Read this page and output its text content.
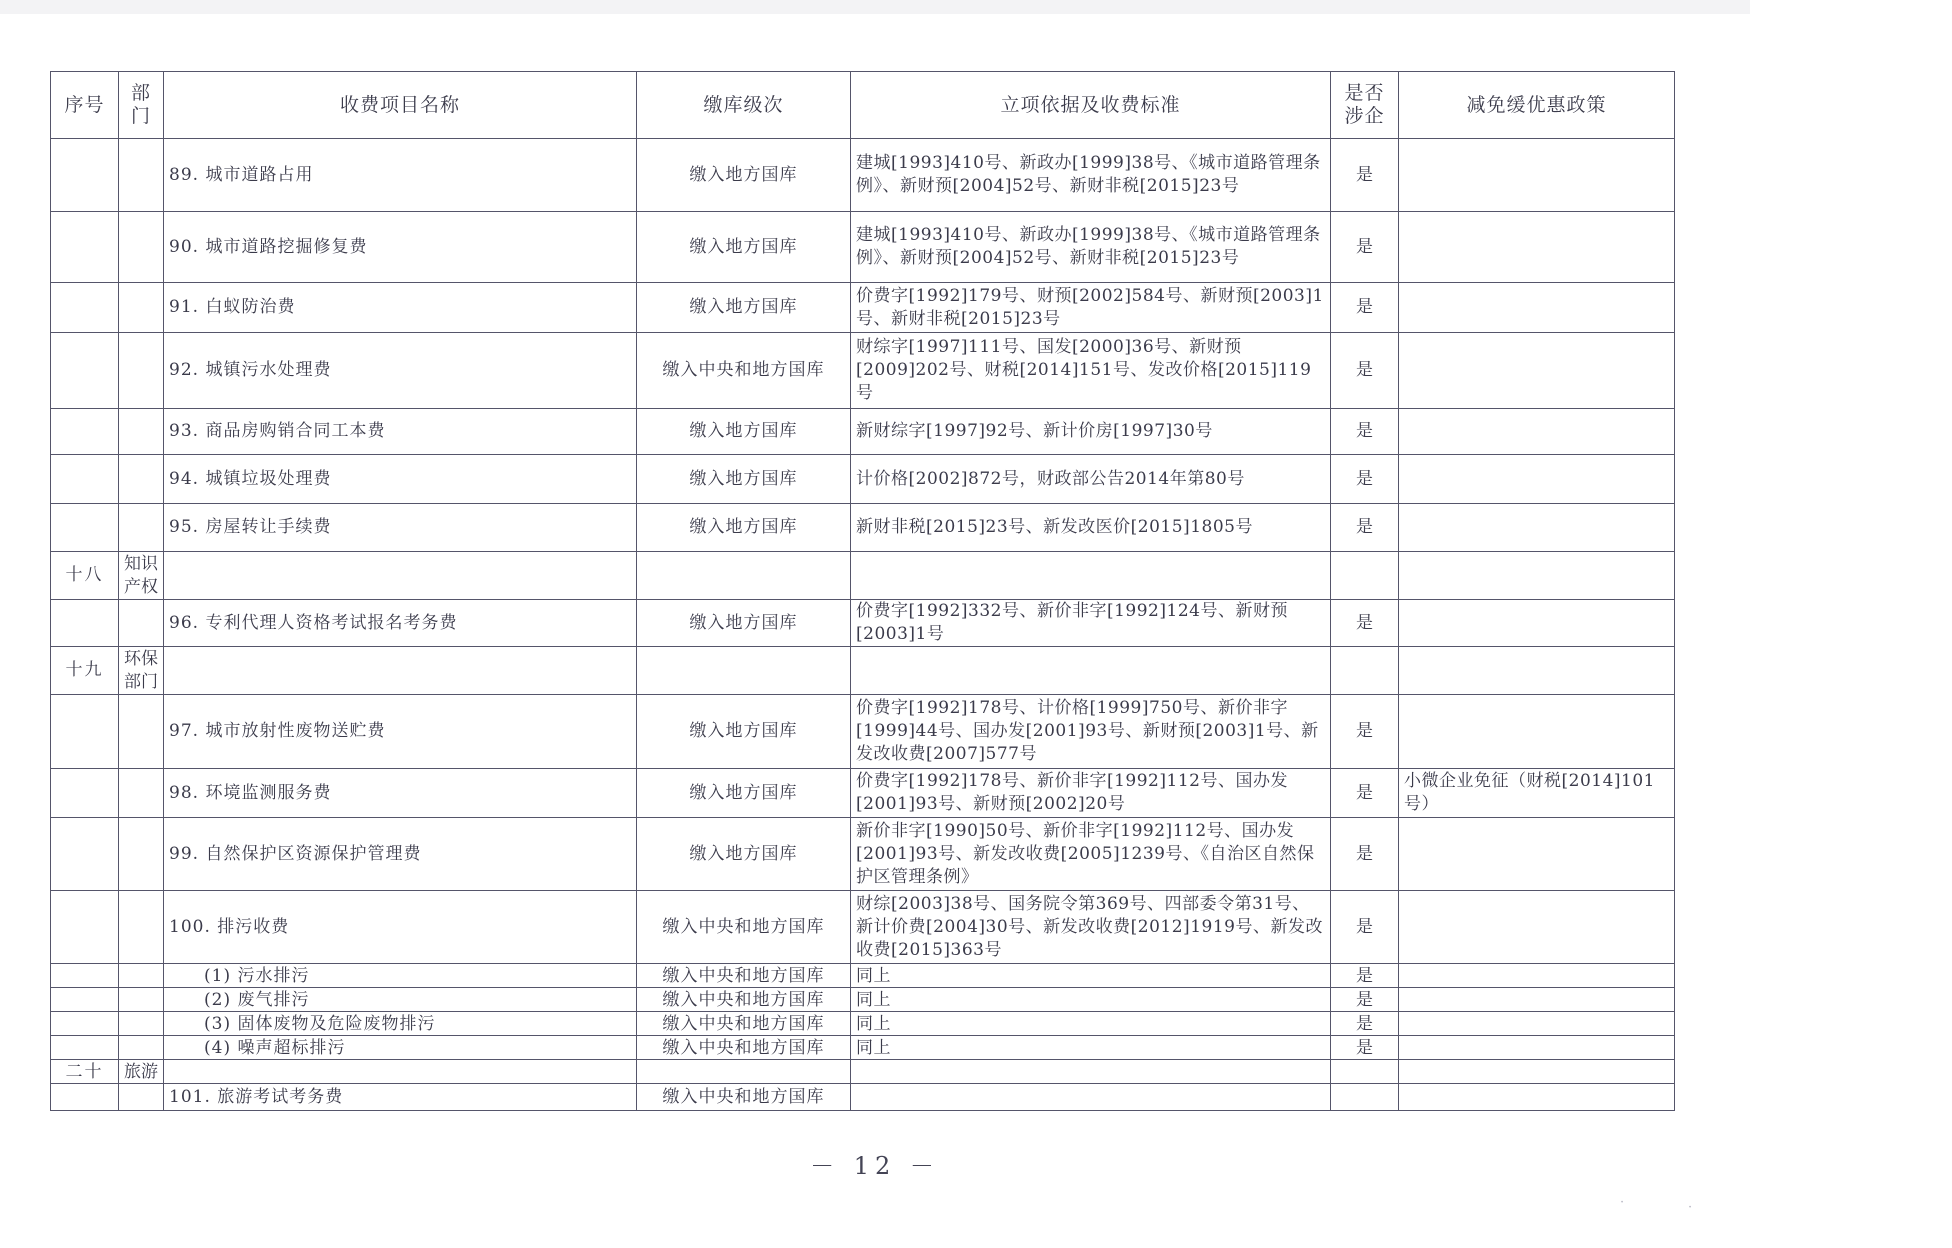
序号	部门	收费项目名称	缴库级次	立项依据及收费标准	是否涉企	减免缓优惠政策
		89. 城市道路占用	缴入地方国库	建城[1993]410号、新政办[1999]38号、《城市道路管理条例》、新财预[2004]52号、新财非税[2015]23号	是	
		90. 城市道路挖掘修复费	缴入地方国库	建城[1993]410号、新政办[1999]38号、《城市道路管理条例》、新财预[2004]52号、新财非税[2015]23号	是	
		91. 白蚁防治费	缴入地方国库	价费字[1992]179号、财预[2002]584号、新财预[2003]1号、新财非税[2015]23号	是	
		92. 城镇污水处理费	缴入中央和地方国库	财综字[1997]111号、国发[2000]36号、新财预[2009]202号、财税[2014]151号、发改价格[2015]119号	是	
		93. 商品房购销合同工本费	缴入地方国库	新财综字[1997]92号、新计价房[1997]30号	是	
		94. 城镇垃圾处理费	缴入地方国库	计价格[2002]872号，财政部公告2014年第80号	是	
		95. 房屋转让手续费	缴入地方国库	新财非税[2015]23号、新发改医价[2015]1805号	是	
十八	知识产权					
		96. 专利代理人资格考试报名考务费	缴入地方国库	价费字[1992]332号、新价非字[1992]124号、新财预[2003]1号	是	
十九	环保部门					
		97. 城市放射性废物送贮费	缴入地方国库	价费字[1992]178号、计价格[1999]750号、新价非字[1999]44号、国办发[2001]93号、新财预[2003]1号、新发改收费[2007]577号	是	
		98. 环境监测服务费	缴入地方国库	价费字[1992]178号、新价非字[1992]112号、国办发[2001]93号、新财预[2002]20号	是	小微企业免征（财税[2014]101号）
		99. 自然保护区资源保护管理费	缴入地方国库	新价非字[1990]50号、新价非字[1992]112号、国办发[2001]93号、新发改收费[2005]1239号、《自治区自然保护区管理条例》	是	
		100. 排污收费	缴入中央和地方国库	财综[2003]38号、国务院令第369号、四部委令第31号、新计价费[2004]30号、新发改收费[2012]1919号、新发改收费[2015]363号	是	
		(1) 污水排污	缴入中央和地方国库	同上	是	
		(2) 废气排污	缴入中央和地方国库	同上	是	
		(3) 固体废物及危险废物排污	缴入中央和地方国库	同上	是	
		(4) 噪声超标排污	缴入中央和地方国库	同上	是	
二十	旅游					
		101. 旅游考试考务费	缴入中央和地方国库			
－ 12 －
·	·
